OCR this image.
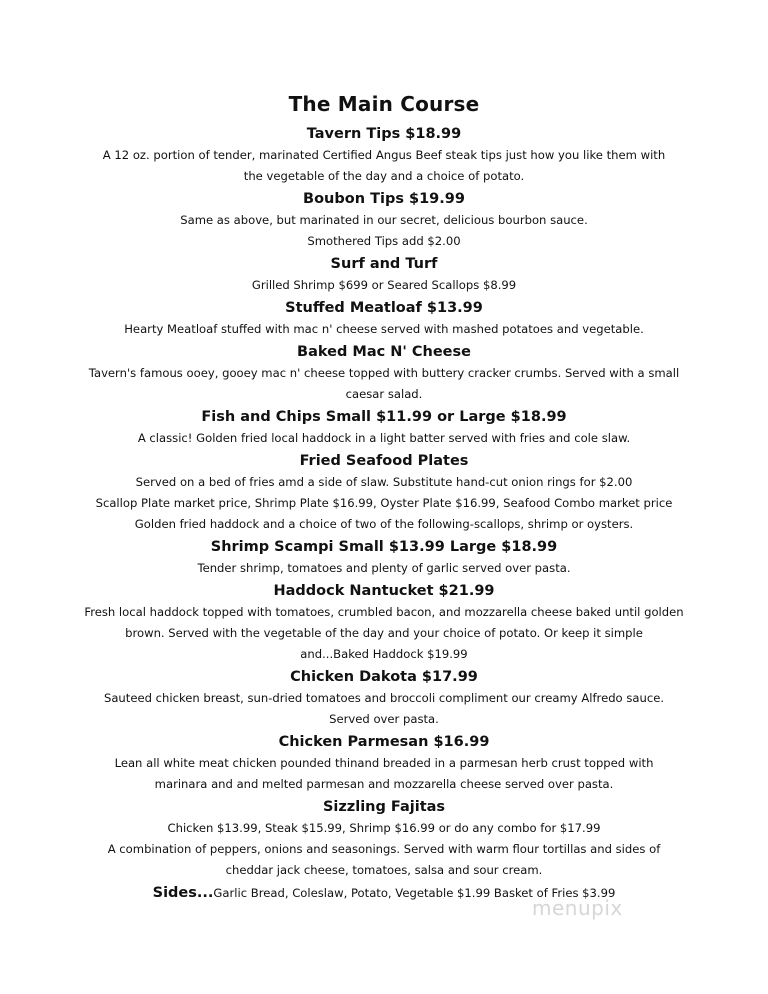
The Main Course
Tavern Tips $18.99
A 12 oz. portion of tender, marinated Certified Angus Beef steak tips just how you like them with
the vegetable of the day and a choice of potato.
Boubon Tips $19.99
Same as above, but marinated in our secret, delicious bourbon sauce.
Smothered Tips add $2.00
Surf and Turf
Grilled Shrimp $699 or Seared Scallops $8.99
Stuffed Meatloaf $13.99
Hearty Meatloaf stuffed with mac n' cheese served with mashed potatoes and vegetable.
Baked Mac N' Cheese
Tavern's famous ooey, gooey mac n' cheese topped with buttery cracker crumbs. Served with a small
caesar salad.
Fish and Chips Small $11.99 or Large $18.99
A classic! Golden fried local haddock in a light batter served with fries and cole slaw.
Fried Seafood Plates
Served on a bed of fries amd a side of slaw. Substitute hand-cut onion rings for $2.00
Scallop Plate market price, Shrimp Plate $16.99, Oyster Plate $16.99, Seafood Combo market price
Golden fried haddock and a choice of two of the following-scallops, shrimp or oysters.
Shrimp Scampi Small $13.99 Large $18.99
Tender shrimp, tomatoes and plenty of garlic served over pasta.
Haddock Nantucket $21.99
Fresh local haddock topped with tomatoes, crumbled bacon, and mozzarella cheese baked until golden
brown. Served with the vegetable of the day and your choice of potato. Or keep it simple
and...Baked Haddock $19.99
Chicken Dakota $17.99
Sauteed chicken breast, sun-dried tomatoes and broccoli compliment our creamy Alfredo sauce.
Served over pasta.
Chicken Parmesan $16.99
Lean all white meat chicken pounded thinand breaded in a parmesan herb crust topped with
marinara and and melted parmesan and mozzarella cheese served over pasta.
Sizzling Fajitas
Chicken $13.99, Steak $15.99, Shrimp $16.99 or do any combo for $17.99
A combination of peppers, onions and seasonings. Served with warm flour tortillas and sides of
cheddar jack cheese, tomatoes, salsa and sour cream.
Sides...Garlic Bread, Coleslaw, Potato, Vegetable $1.99 Basket of Fries $3.99
menupix
